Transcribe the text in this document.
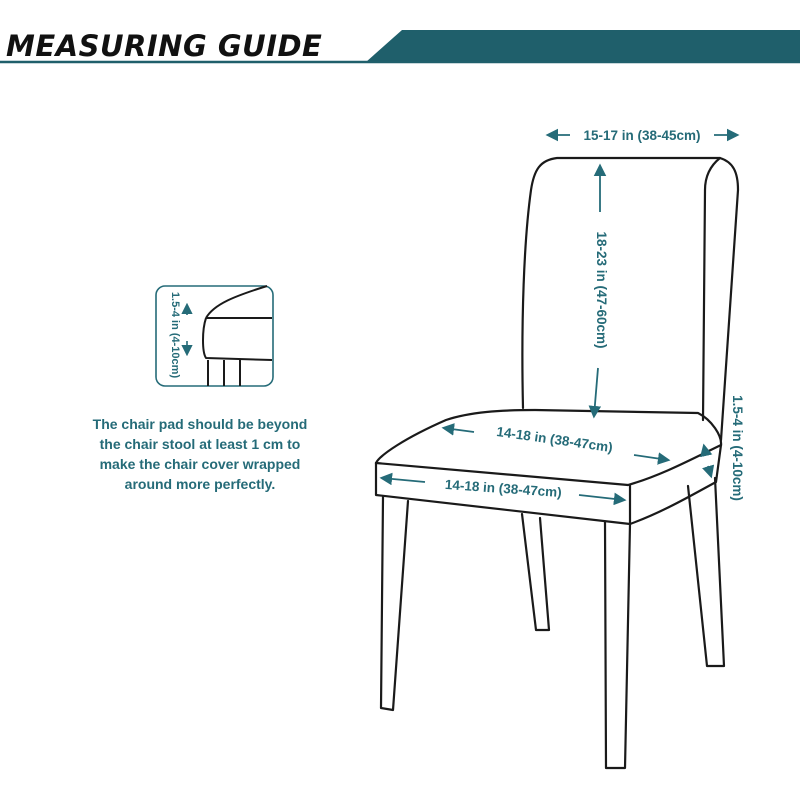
MEASURING GUIDE
15-17 in (38-45cm)
18-23 in (47-60cm)
14-18 in (38-47cm)
14-18 in (38-47cm)	1.5-4 in (4-10cm)
1.5-4 in (4-10cm)
The chair pad should be beyond
the chair stool at least 1 cm to
make the chair cover wrapped
around more perfectly.
